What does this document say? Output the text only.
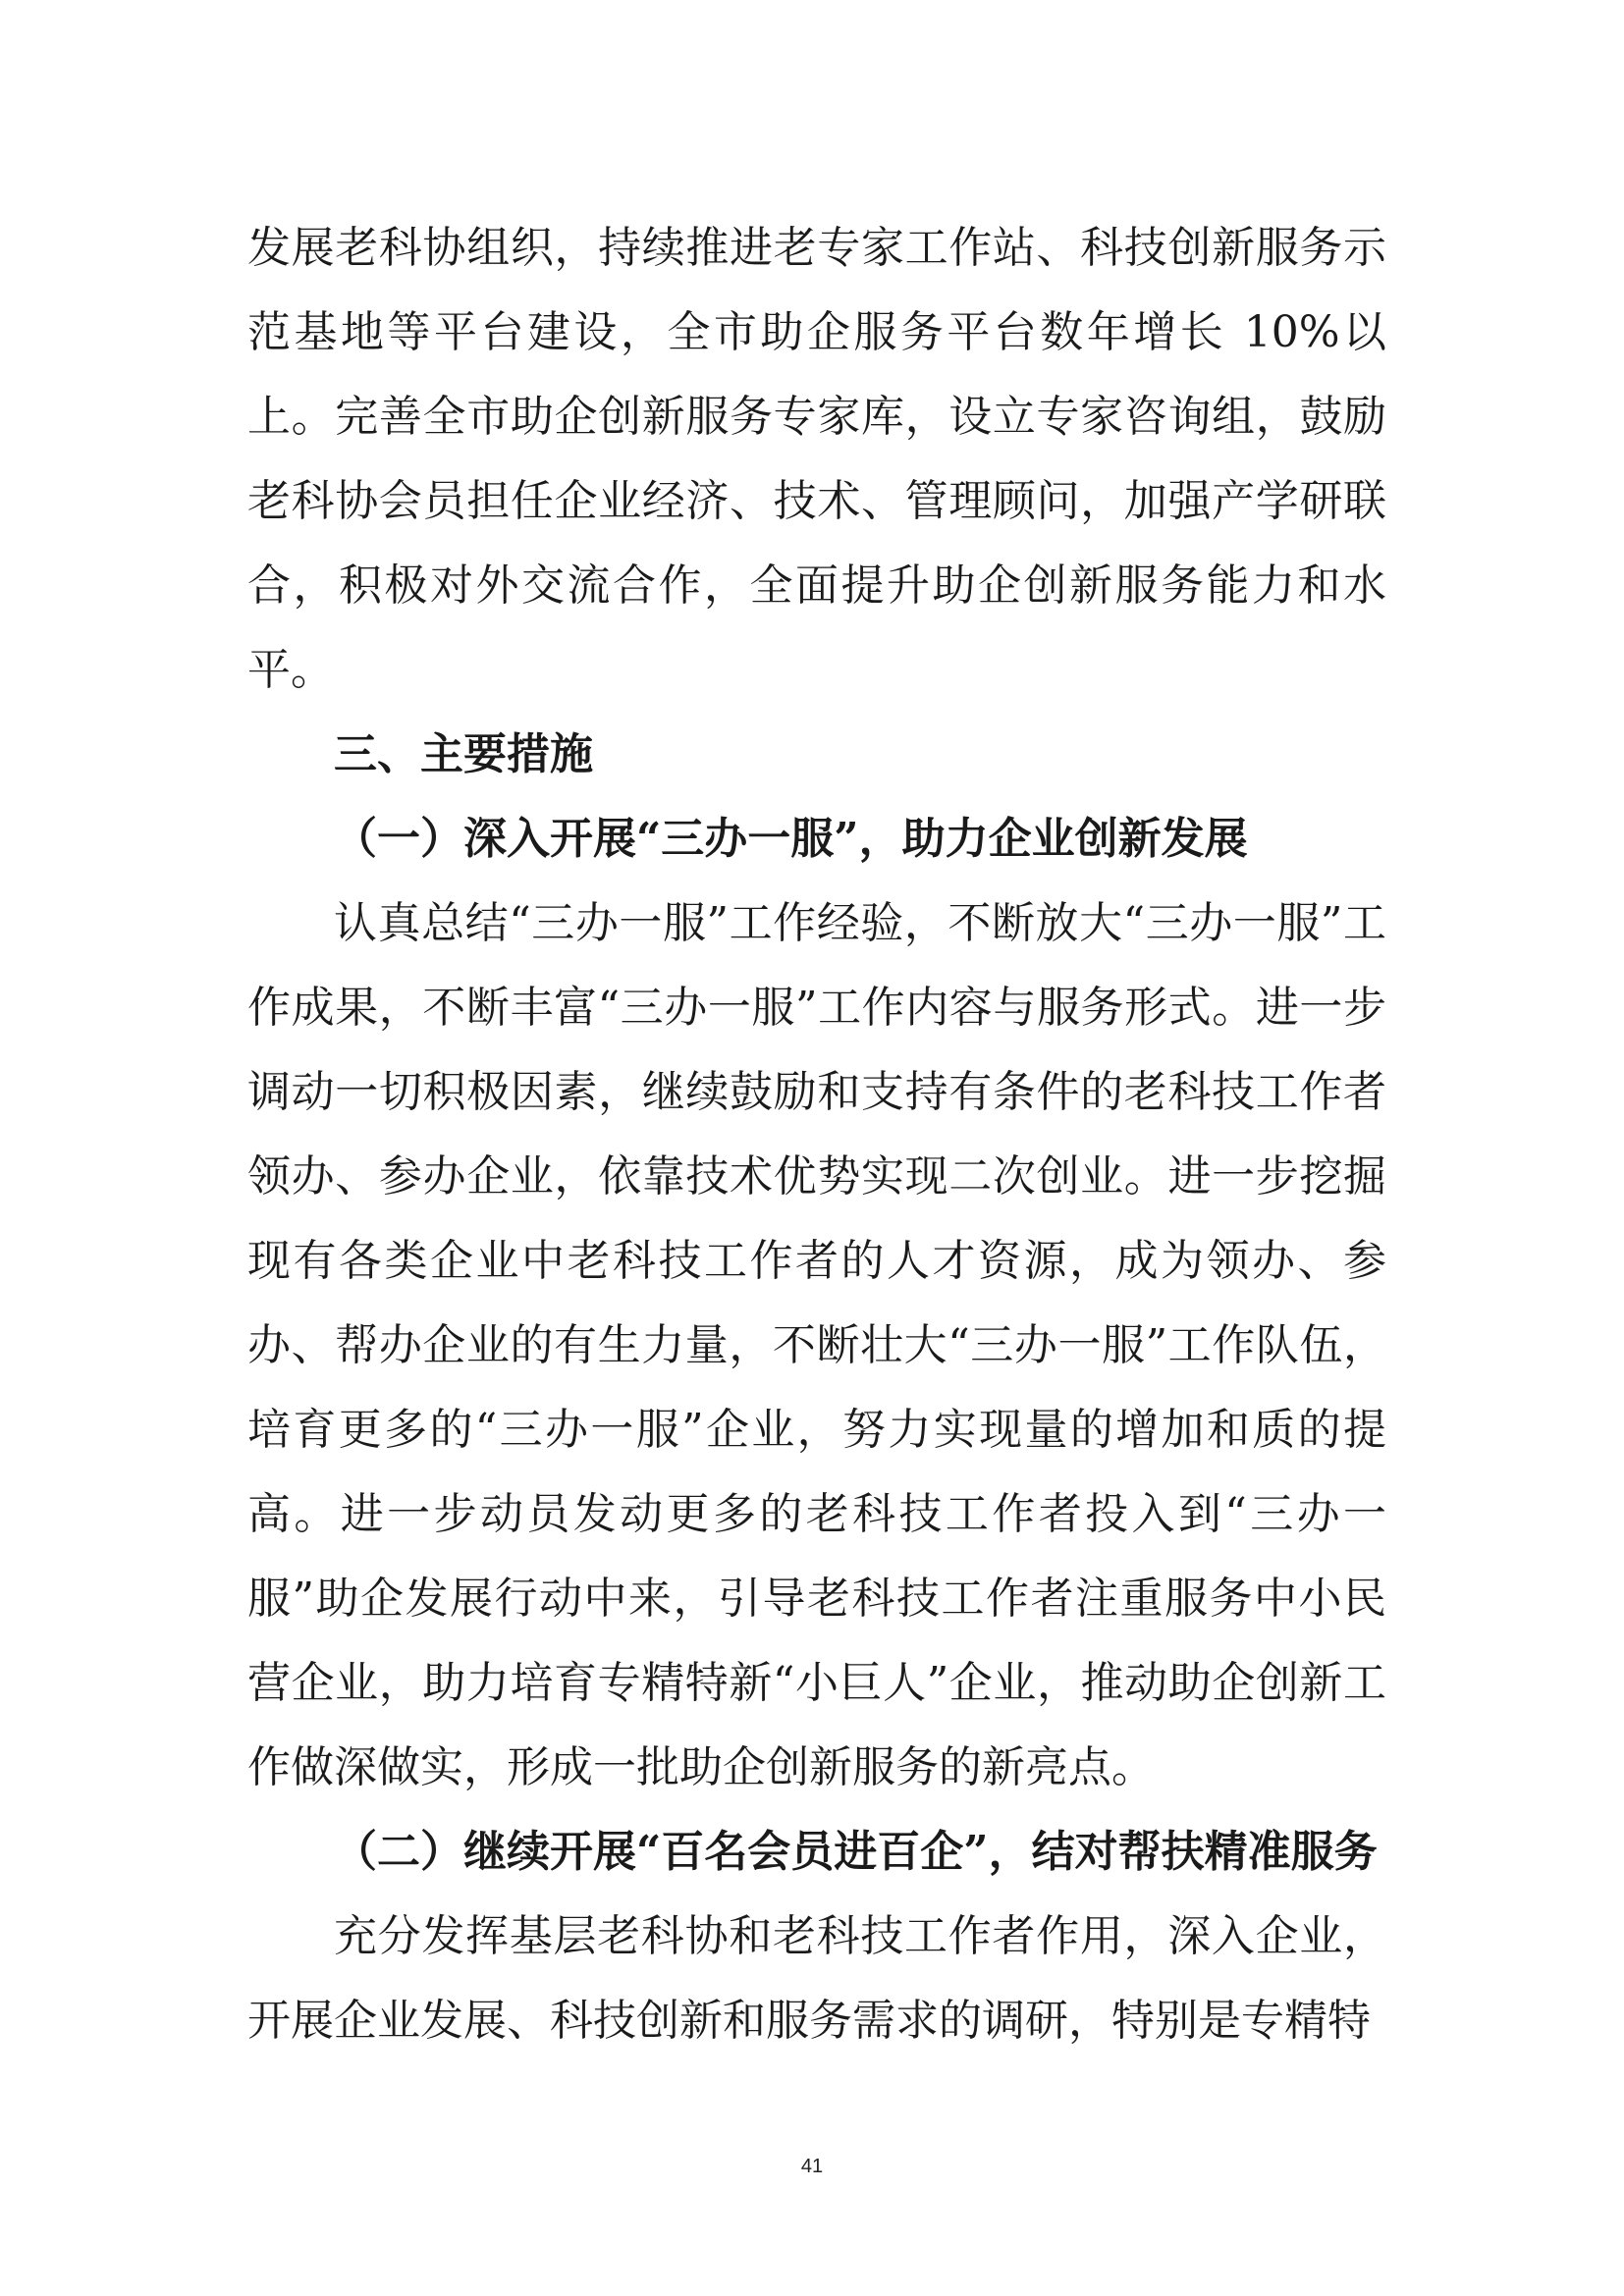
发展老科协组织，持续推进老专家工作站、科技创新服务示范基地等平台建设，全市助企服务平台数年增长 10%以上。完善全市助企创新服务专家库，设立专家咨询组，鼓励老科协会员担任企业经济、技术、管理顾问，加强产学研联合，积极对外交流合作，全面提升助企创新服务能力和水平。

三、主要措施

（一）深入开展“三办一服”，助力企业创新发展

认真总结“三办一服”工作经验，不断放大“三办一服”工作成果，不断丰富“三办一服”工作内容与服务形式。进一步调动一切积极因素，继续鼓励和支持有条件的老科技工作者领办、参办企业，依靠技术优势实现二次创业。进一步挖掘现有各类企业中老科技工作者的人才资源，成为领办、参办、帮办企业的有生力量，不断壮大“三办一服”工作队伍，培育更多的“三办一服”企业，努力实现量的增加和质的提高。进一步动员发动更多的老科技工作者投入到“三办一服”助企发展行动中来，引导老科技工作者注重服务中小民营企业，助力培育专精特新“小巨人”企业，推动助企创新工作做深做实，形成一批助企创新服务的新亮点。

（二）继续开展“百名会员进百企”，结对帮扶精准服务

充分发挥基层老科协和老科技工作者作用，深入企业，开展企业发展、科技创新和服务需求的调研，特别是专精特

41
